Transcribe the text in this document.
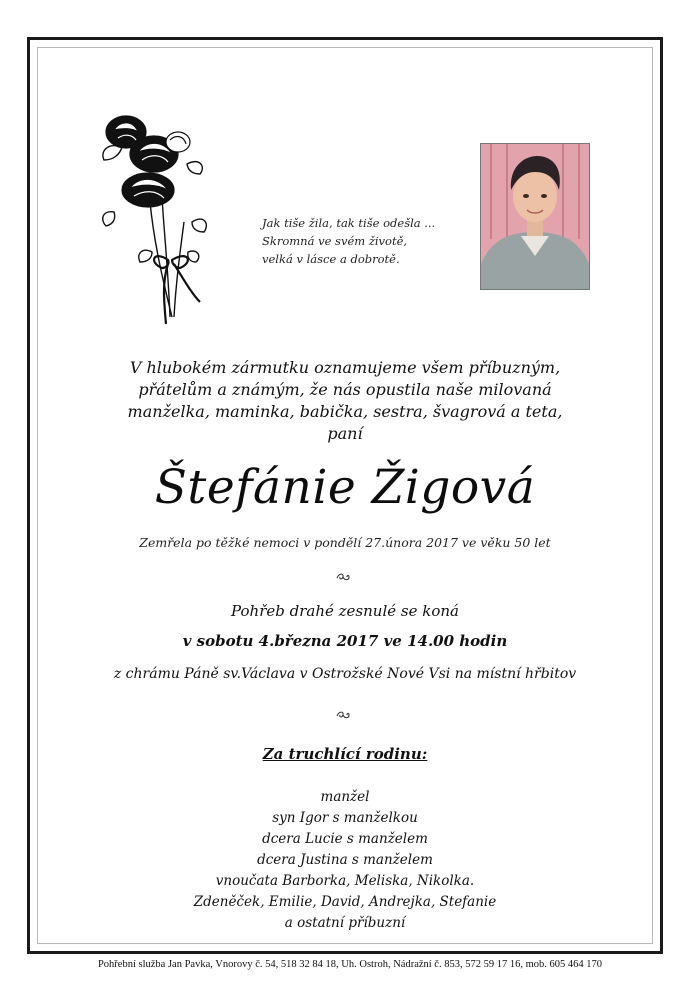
Jak tiše žila, tak tiše odešla ...
Skromná ve svém životě,
velká v lásce a dobrotě.
V hlubokém zármutku oznamujeme všem příbuzným,
přátelům a známým, že nás opustila naše milovaná
manželka, maminka, babička, sestra, švagrová a teta,
paní
Štefánie Žigová
Zemřela po těžké nemoci v pondělí 27.února 2017 ve věku 50 let
Pohřeb drahé zesnulé se koná
v sobotu 4.března 2017 ve 14.00 hodin
z chrámu Páně sv.Václava v Ostrožské Nové Vsi na místní hřbitov
Za truchlící rodinu:
manžel
syn Igor s manželkou
dcera Lucie s manželem
dcera Justina s manželem
vnoučata Barborka, Meliska, Nikolka.
Zdeněček, Emilie, David, Andrejka, Stefanie
a ostatní příbuzní
Pohřební služba Jan Pavka, Vnorovy č. 54, 518 32 84 18, Uh. Ostroh, Nádražní č. 853, 572 59 17 16, mob. 605 464 170
